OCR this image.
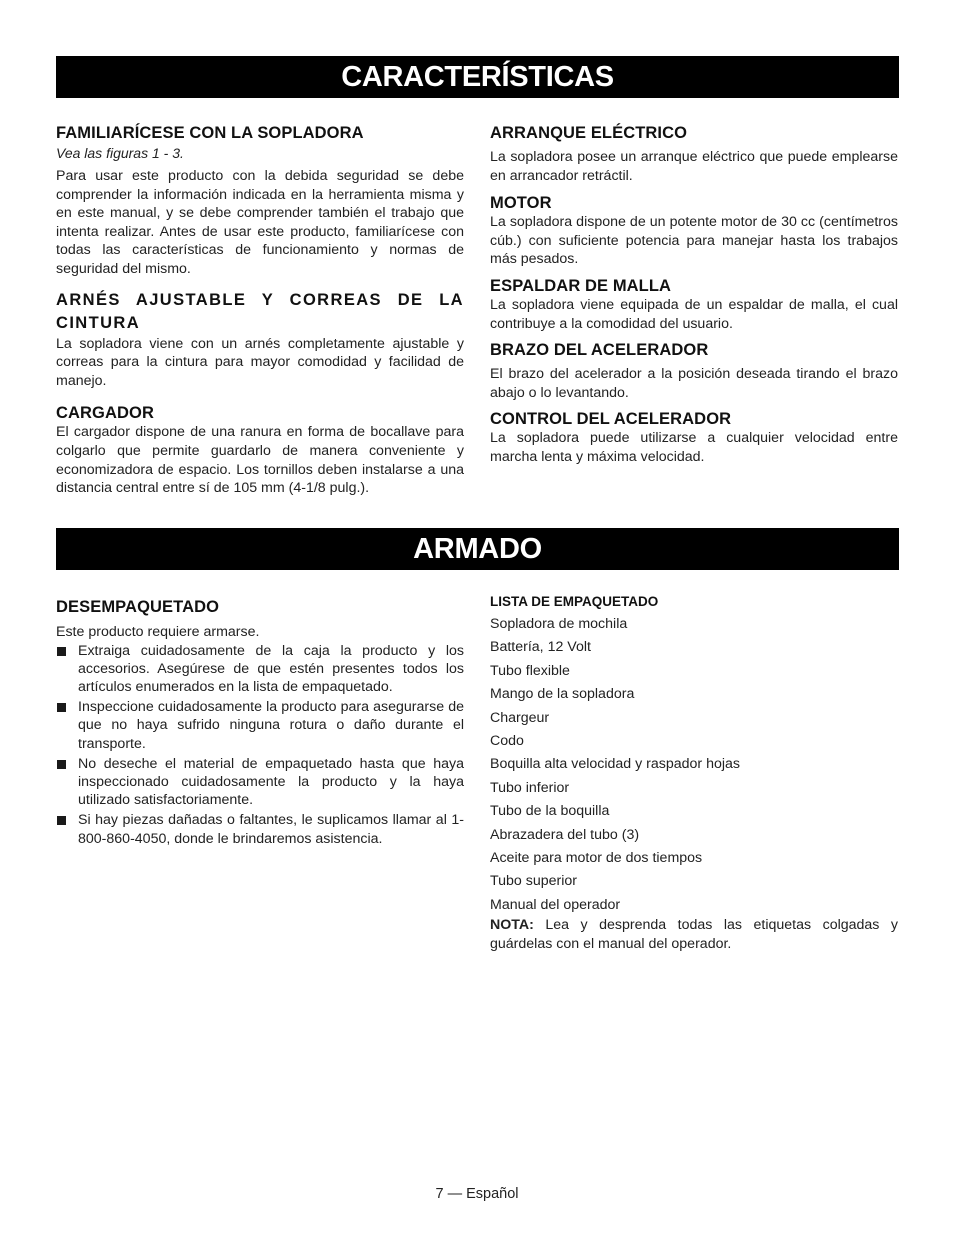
CARACTERÍSTICAS
FAMILIARÍCESE CON LA SOPLADORA

Vea las figuras 1 - 3.

Para usar este producto con la debida seguridad se debe comprender la información indicada en la herramienta misma y en este manual, y se debe comprender también el trabajo que intenta realizar. Antes de usar este producto, familiarícese con todas las características de funcionamiento y normas de seguridad del mismo.

ARNÉS AJUSTABLE Y CORREAS DE LA CINTURA

La sopladora viene con un arnés completamente ajustable y correas para la cintura para mayor comodidad y facilidad de manejo.

CARGADOR

El cargador dispone de una ranura en forma de bocallave para colgarlo que permite guardarlo de manera conveniente y economizadora de espacio. Los tornillos deben instalarse a una distancia central entre sí de 105 mm (4-1/8 pulg.).

ARRANQUE ELÉCTRICO

La sopladora posee un arranque eléctrico que puede emplearse en arrancador retráctil.

MOTOR

La sopladora dispone de un potente motor de 30 cc (centímetros cúb.) con suficiente potencia para manejar hasta los trabajos más pesados.

ESPALDAR DE MALLA

La sopladora viene equipada de un espaldar de malla, el cual contribuye a la comodidad del usuario.

BRAZO DEL ACELERADOR

El brazo del acelerador a la posición deseada tirando el brazo abajo o lo levantando.

CONTROL DEL ACELERADOR

La sopladora puede utilizarse a cualquier velocidad entre marcha lenta y máxima velocidad.

ARMADO
DESEMPAQUETADO

Este producto requiere armarse.

Extraiga cuidadosamente de la caja la producto y los accesorios. Asegúrese de que estén presentes todos los artículos enumerados en la lista de empaquetado.
Inspeccione cuidadosamente la producto para asegurarse de que no haya sufrido ninguna rotura o daño durante el transporte.
No deseche el material de empaquetado hasta que haya inspeccionado cuidadosamente la producto y la haya utilizado satisfactoriamente.
Si hay piezas dañadas o faltantes, le suplicamos llamar al 1-800-860-4050, donde le brindaremos asistencia.
LISTA DE EMPAQUETADO
Sopladora de mochila
Battería, 12 Volt
Tubo flexible
Mango de la sopladora
Chargeur
Codo
Boquilla alta velocidad y raspador hojas
Tubo inferior
Tubo de la boquilla
Abrazadera del tubo (3)
Aceite para motor de dos tiempos
Tubo superior
Manual del operador

NOTA: Lea y desprenda todas las etiquetas colgadas y guárdelas con el manual del operador.

7 — Español
